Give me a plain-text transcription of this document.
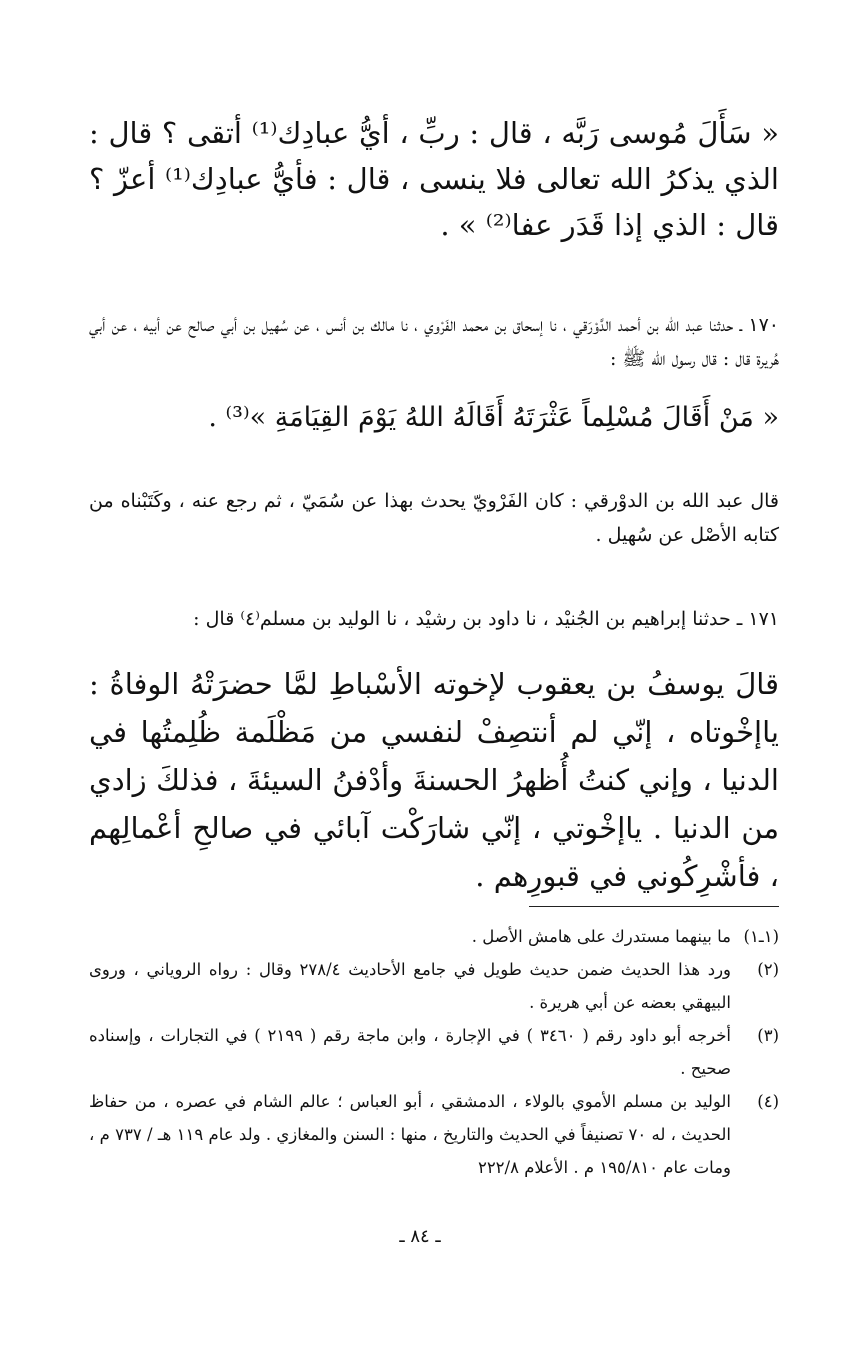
« سَأَلَ مُوسى رَبَّه ، قال : ربِّ ، أيُّ عبادِك⁽¹⁾ أتقى ؟ قال : الذي يذكرُ الله تعالى فلا ينسى ، قال : فأيُّ عبادِك⁽¹⁾ أعزّ ؟ قال : الذي إذا قَدَر عفا⁽²⁾ » .
١٧٠ ـ حدثنا عبد الله بن أحمد الدَّوْرَقي ، نا إسحاق بن محمد الفَرْوي ، نا مالك بن أنس ، عن سُهيل بن أبي صالح عن أبيه ، عن أبي هُريرة قال : قال رسول الله ﷺ :
« مَنْ أَقَالَ مُسْلِماً عَثْرَتَهُ أَقَالَهُ اللهُ يَوْمَ القِيَامَةِ »⁽³⁾ .
قال عبد الله بن الدوْرقي : كان الفَرْويّ يحدث بهذا عن سُمَيّ ، ثم رجع عنه ، وكَتَبْناه من كتابه الأصْل عن سُهيل .
١٧١ ـ حدثنا إبراهيم بن الجُنيْد ، نا داود بن رشيْد ، نا الوليد بن مسلم⁽٤⁾ قال :
قالَ يوسفُ بن يعقوب لإخوته الأسْباطِ لمَّا حضرَتْهُ الوفاةُ : ياإخْوتاه ، إنّي لم أنتصِفْ لنفسي من مَظْلَمة ظُلِمتُها في الدنيا ، وإني كنتُ أُظهرُ الحسنةَ وأدْفنُ السيئةَ ، فذلكَ زادي من الدنيا . ياإخْوتي ، إنّي شارَكْت آبائي في صالحِ أعْمالِهم ، فأشْرِكُوني في قبورِهم .
(١ـ١)
ما بينهما مستدرك على هامش الأصل .
(٢)
ورد هذا الحديث ضمن حديث طويل في جامع الأحاديث ٢٧٨/٤ وقال : رواه الروياني ، وروى البيهقي بعضه عن أبي هريرة .
(٣)
أخرجه أبو داود رقم ( ٣٤٦٠ ) في الإجارة ، وابن ماجة رقم ( ٢١٩٩ ) في التجارات ، وإسناده صحيح .
(٤)
الوليد بن مسلم الأموي بالولاء ، الدمشقي ، أبو العباس ؛ عالم الشام في عصره ، من حفاظ الحديث ، له ٧٠ تصنيفاً في الحديث والتاريخ ، منها : السنن والمغازي . ولد عام ١١٩ هـ / ٧٣٧ م ، ومات عام ١٩٥/٨١٠ م . الأعلام ٢٢٢/٨
ـ ٨٤ ـ
